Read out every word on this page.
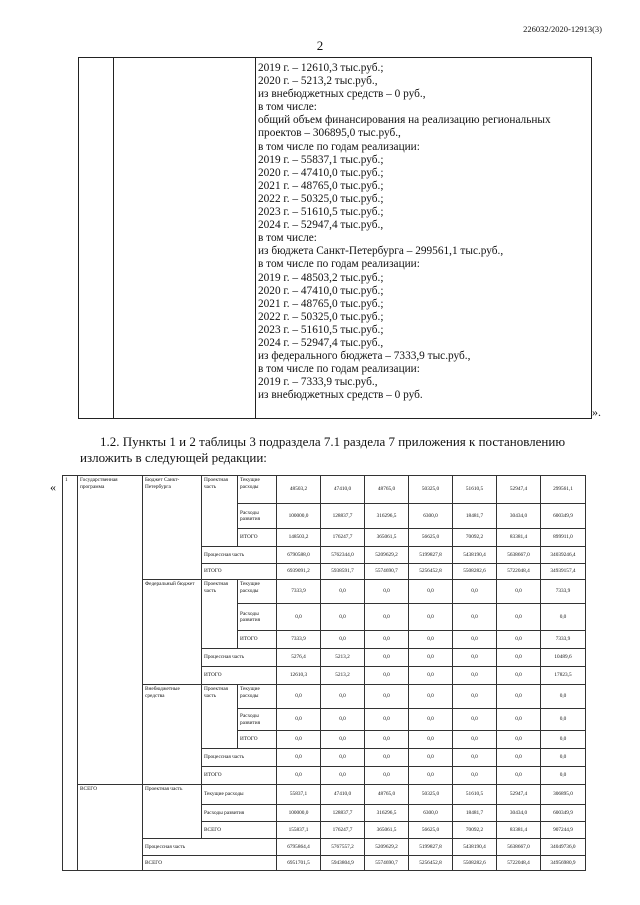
226032/2020-12913(3)
2
2019 г. – 12610,3 тыс.руб.;
2020 г. – 5213,2 тыс.руб.,
из внебюджетных средств – 0 руб.,
в том числе:
общий объем финансирования на реализацию региональных
проектов – 306895,0 тыс.руб.,
в том числе по годам реализации:
2019 г. – 55837,1 тыс.руб.;
2020 г. – 47410,0 тыс.руб.;
2021 г. – 48765,0 тыс.руб.;
2022 г. – 50325,0 тыс.руб.;
2023 г. – 51610,5 тыс.руб.;
2024 г. – 52947,4 тыс.руб.,
в том числе:
из бюджета Санкт-Петербурга – 299561,1 тыс.руб.,
в том числе по годам реализации:
2019 г. – 48503,2 тыс.руб.;
2020 г. – 47410,0 тыс.руб.;
2021 г. – 48765,0 тыс.руб.;
2022 г. – 50325,0 тыс.руб.;
2023 г. – 51610,5 тыс.руб.;
2024 г. – 52947,4 тыс.руб.,
из федерального бюджета – 7333,9 тыс.руб.,
в том числе по годам реализации:
2019 г. – 7333,9 тыс.руб.,
из внебюджетных средств – 0 руб.
».
1.2. Пункты 1 и 2 таблицы 3 подраздела 7.1 раздела 7 приложения к постановлению
изложить в следующей редакции:
« 1	Государственная программа	Бюджет Санкт-Петербурга	Проектная часть	Текущие расходы	48503,2	47410,0	48765,0	50325,0	51610,5	52947,4	299561,1
				Расходы развития	100000,0	128837,7	316296,5	6300,0	18481,7	30434,0	600349,9
				ИТОГО	148503,2	176247,7	365061,5	56625,0	70092,2	83381,4	899911,0
			Процессная часть		6790588,0	5762344,0	5209629,2	5199827,8	5438190,4	5638667,0	34039246,4
			ИТОГО		6939091,2	5938591,7	5574690,7	5256452,8	5508282,6	5722048,4	34939157,4
		Федеральный бюджет	Проектная часть	Текущие расходы	7333,9	0,0	0,0	0,0	0,0	0,0	7333,9
				Расходы развития	0,0	0,0	0,0	0,0	0,0	0,0	0,0
				ИТОГО	7333,9	0,0	0,0	0,0	0,0	0,0	7333,9
			Процессная часть		5276,4	5213,2	0,0	0,0	0,0	0,0	10489,6
			ИТОГО		12610,3	5213,2	0,0	0,0	0,0	0,0	17823,5
		Внебюджетные средства	Проектная часть	Текущие расходы	0,0	0,0	0,0	0,0	0,0	0,0	0,0
				Расходы развития	0,0	0,0	0,0	0,0	0,0	0,0	0,0
				ИТОГО	0,0	0,0	0,0	0,0	0,0	0,0	0,0
			Процессная часть		0,0	0,0	0,0	0,0	0,0	0,0	0,0
			ИТОГО		0,0	0,0	0,0	0,0	0,0	0,0	0,0
	ВСЕГО	Проектная часть	Текущие расходы		55837,1	47410,0	48765,0	50325,0	51610,5	52947,4	306895,0
			Расходы развития		100000,0	128837,7	316296,5	6300,0	18481,7	30434,0	600349,9
			ВСЕГО		155837,1	176247,7	365061,5	56625,0	70092,2	83381,4	907244,9
		Процессная часть			6795864,4	5767557,2	5209629,2	5199827,8	5438190,4	5638667,0	34049736,0
		ВСЕГО			6951701,5	5943804,9	5574690,7	5256452,8	5508282,6	5722048,4	34956980,9
